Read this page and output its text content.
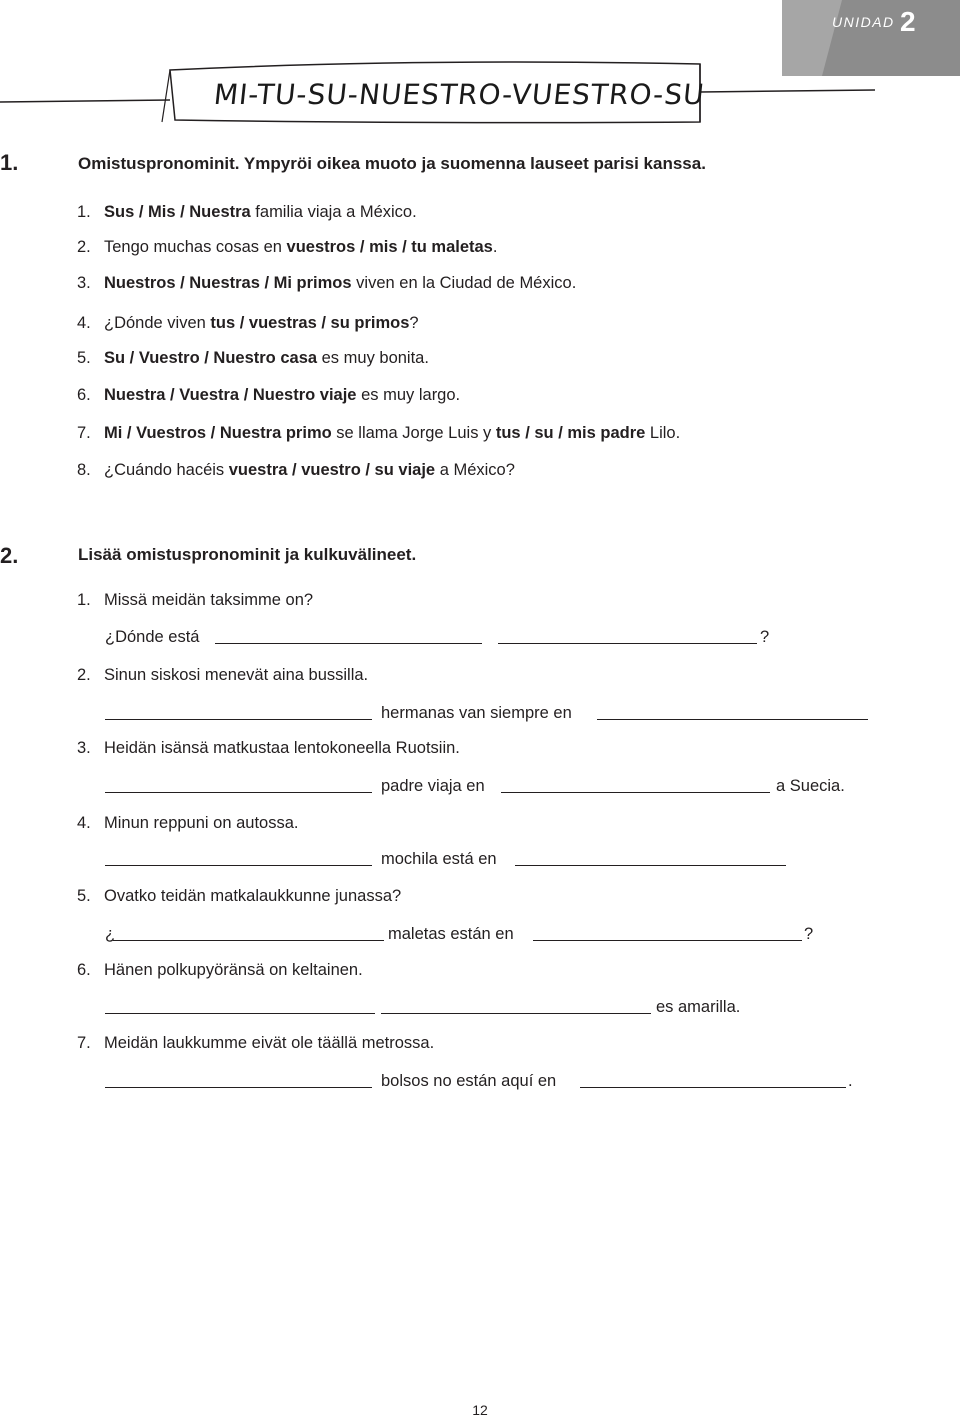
UNIDAD 2
MI-TU-SU-NUESTRO-VUESTRO-SU
1.	Omistuspronominit. Ympyröi oikea muoto ja suomenna lauseet parisi kanssa.
1. Sus / Mis / Nuestra familia viaja a México.
2. Tengo muchas cosas en vuestros / mis / tu maletas.
3. Nuestros / Nuestras / Mi primos viven en la Ciudad de México.
4. ¿Dónde viven tus / vuestras / su primos?
5. Su / Vuestro / Nuestro casa es muy bonita.
6. Nuestra / Vuestra / Nuestro viaje es muy largo.
7. Mi / Vuestros / Nuestra primo se llama Jorge Luis y tus / su / mis padre Lilo.
8. ¿Cuándo hacéis vuestra / vuestro / su viaje a México?
2.	Lisää omistuspronominit ja kulkuvälineet.
1. Missä meidän taksimme on?
¿Dónde está	?
2. Sinun siskosi menevät aina bussilla.
hermanas van siempre en
3. Heidän isänsä matkustaa lentokoneella Ruotsiin.
padre viaja en	a Suecia.
4. Minun reppuni on autossa.
mochila está en
5. Ovatko teidän matkalaukkunne junassa?
¿	maletas están en	?
6. Hänen polkupyöränsä on keltainen.
es amarilla.
7. Meidän laukkumme eivät ole täällä metrossa.
bolsos no están aquí en	.
12
